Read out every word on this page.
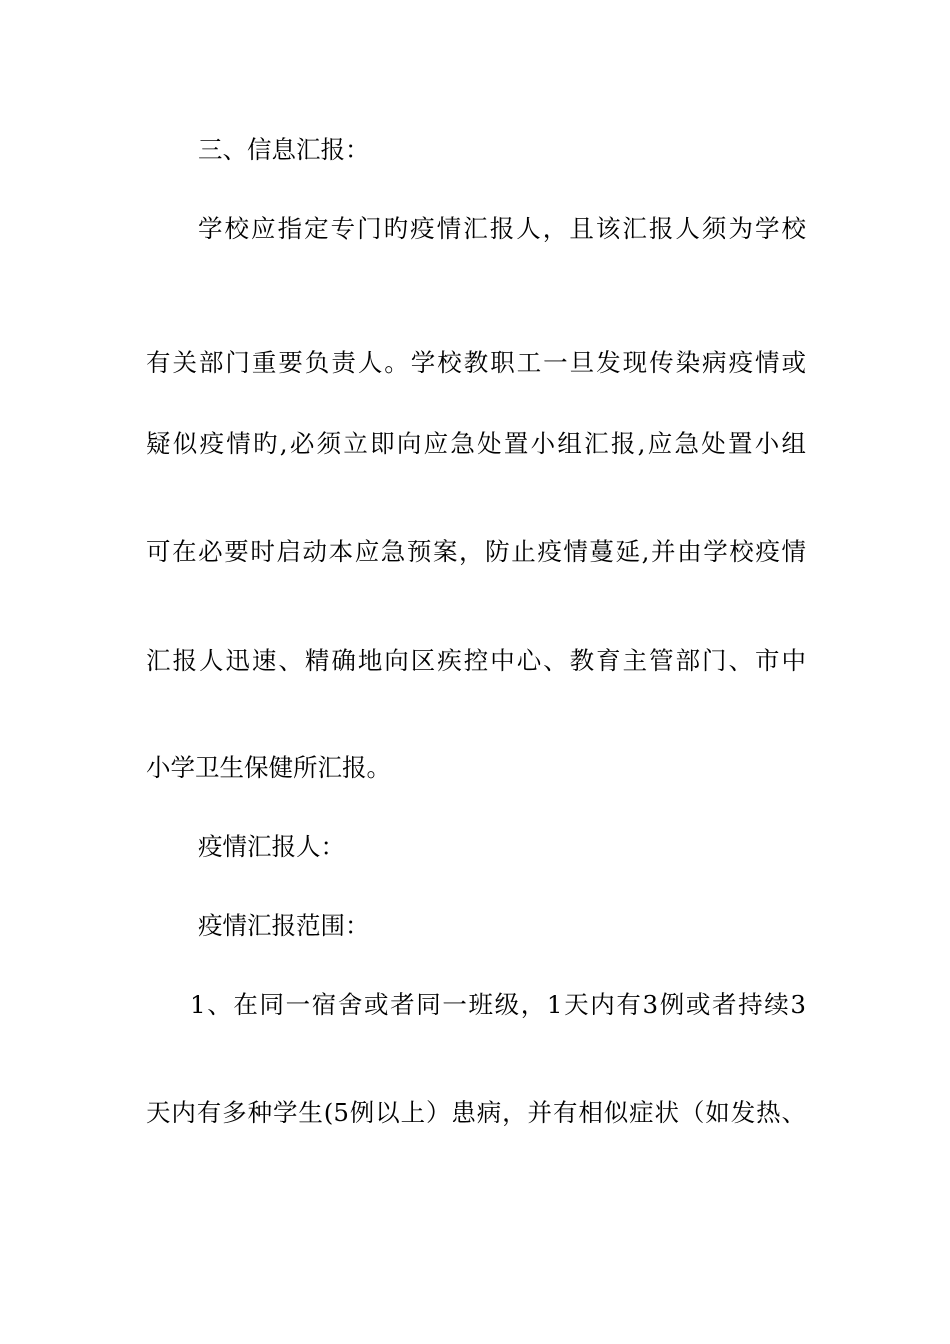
三、信息汇报：
学校应指定专门旳疫情汇报人，且该汇报人须为学校
有关部门重要负责人。学校教职工一旦发现传染病疫情或
疑似疫情旳,必须立即向应急处置小组汇报,应急处置小组
可在必要时启动本应急预案，防止疫情蔓延,并由学校疫情
汇报人迅速、精确地向区疾控中心、教育主管部门、市中
小学卫生保健所汇报。
疫情汇报人：
疫情汇报范围：
1、在同一宿舍或者同一班级，1天内有3例或者持续3
天内有多种学生(5例以上）患病，并有相似症状（如发热、
